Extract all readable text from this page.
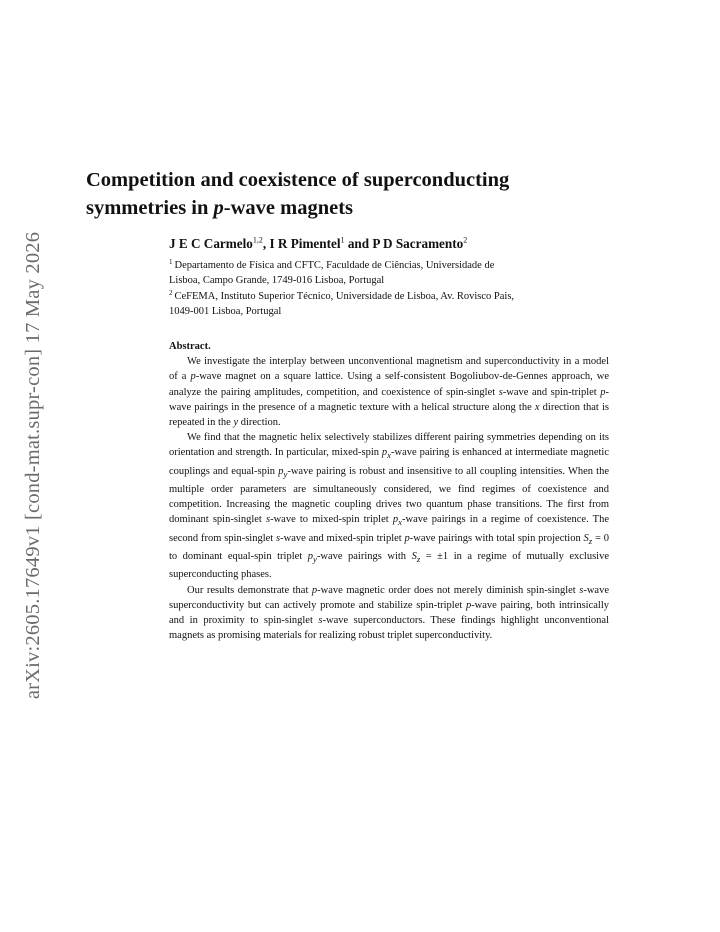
arXiv:2605.17649v1 [cond-mat.supr-con] 17 May 2026
Competition and coexistence of superconducting
symmetries in p-wave magnets
J E C Carmelo$^{1,2}$, I R Pimentel$^1$ and P D Sacramento$^2$

$^1$ Departamento de Física and CFTC, Faculdade de Ciências, Universidade de
Lisboa, Campo Grande, 1749-016 Lisboa, Portugal

$^2$ CeFEMA, Instituto Superior Técnico, Universidade de Lisboa, Av. Rovisco Pais,
1049-001 Lisboa, Portugal

Abstract.

We investigate the interplay between unconventional magnetism and superconductivity in a model of a p-wave magnet on a square lattice. Using a self-consistent Bogoliubov-de-Gennes approach, we analyze the pairing amplitudes, competition, and coexistence of spin-singlet s-wave and spin-triplet p-wave pairings in the presence of a magnetic texture with a helical structure along the x direction that is repeated in the y direction.

We find that the magnetic helix selectively stabilizes different pairing symmetries depending on its orientation and strength. In particular, mixed-spin $p_x$-wave pairing is enhanced at intermediate magnetic couplings and equal-spin $p_y$-wave pairing is robust and insensitive to all coupling intensities. When the multiple order parameters are simultaneously considered, we find regimes of coexistence and competition. Increasing the magnetic coupling drives two quantum phase transitions. The first from dominant spin-singlet s-wave to mixed-spin triplet $p_x$-wave pairings in a regime of coexistence. The second from spin-singlet s-wave and mixed-spin triplet p-wave pairings with total spin projection $S_z = 0$ to dominant equal-spin triplet $p_y$-wave pairings with $S_z = \pm 1$ in a regime of mutually exclusive superconducting phases.

Our results demonstrate that p-wave magnetic order does not merely diminish spin-singlet s-wave superconductivity but can actively promote and stabilize spin-triplet p-wave pairing, both intrinsically and in proximity to spin-singlet s-wave superconductors. These findings highlight unconventional magnets as promising materials for realizing robust triplet superconductivity.
